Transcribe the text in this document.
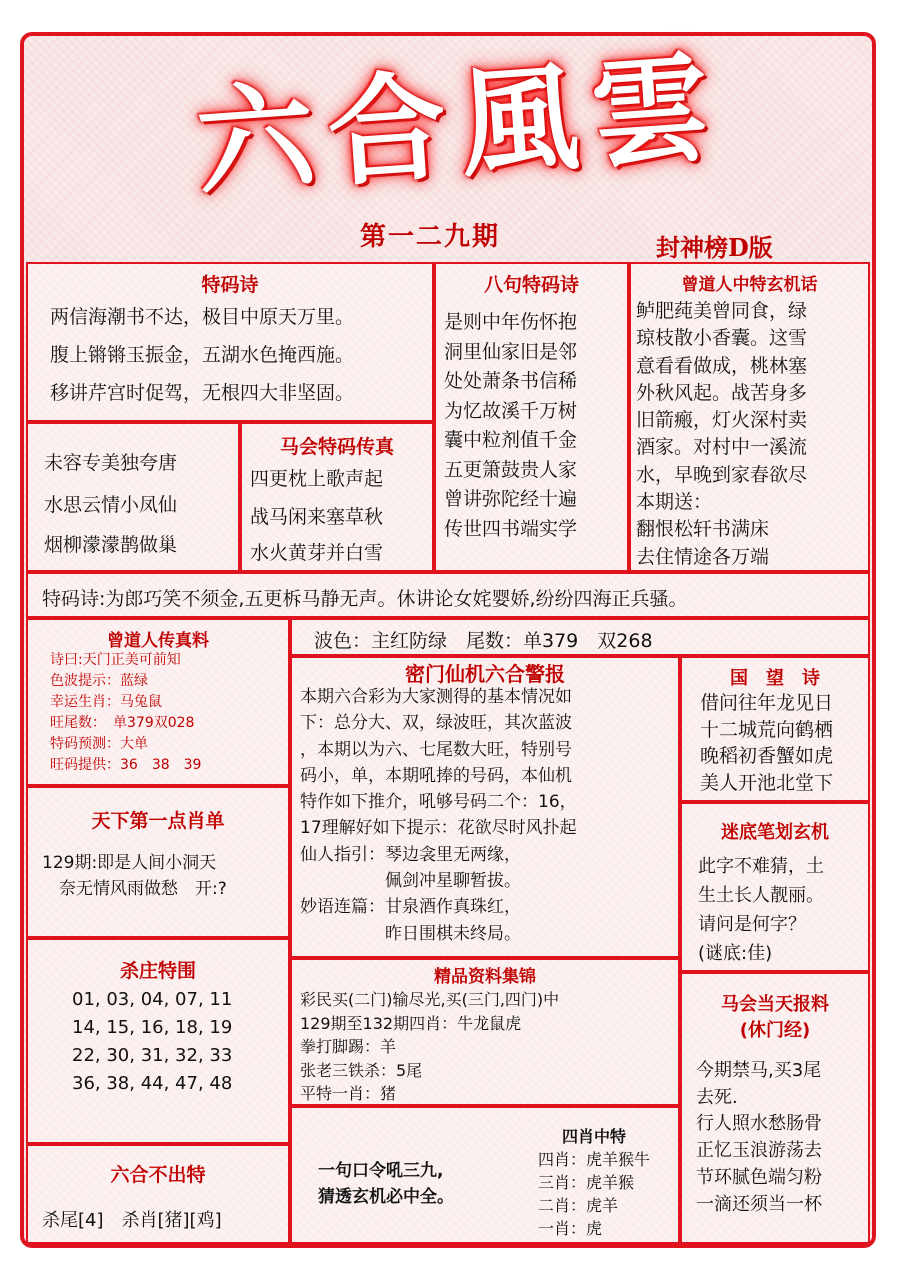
六合風雲
第一二九期	封神榜D版
特码诗
两信海潮书不达，极目中原天万里。
腹上锵锵玉振金，五湖水色掩西施。
移讲芹宫时促驾，无根四大非坚固。
八句特码诗
是则中年伤怀抱
洞里仙家旧是邻
处处萧条书信稀
为忆故溪千万树
囊中粒剂值千金
五更箫鼓贵人家
曾讲弥陀经十遍
传世四书端实学
曾道人中特玄机话
鲈肥莼美曾同食，绿
琼枝散小香囊。这雪
意看看做成，桃林塞
外秋风起。战苦身多
旧箭瘢，灯火深村卖
酒家。对村中一溪流
水，早晚到家春欲尽
本期送：
翻恨松轩书满床
去住情途各万端
未容专美独夸唐
水思云情小凤仙
烟柳濛濛鹊做巢
马会特码传真
四更枕上歌声起
战马闲来塞草秋
水火黄芽并白雪
特码诗:为郎巧笑不须金,五更柝马静无声。休讲论女姹婴娇,纷纷四海正兵骚。
曾道人传真料
诗曰:天门正美可前知
色波提示：蓝绿
幸运生肖：马兔鼠
旺尾数：　单379双028
特码预测：大单
旺码提供：36　38　39
天下第一点肖单
129期:即是人间小洞天
　奈无情风雨做愁　开:?
杀庄特围
01, 03, 04, 07, 11
14, 15, 16, 18, 19
22, 30, 31, 32, 33
36, 38, 44, 47, 48
六合不出特
杀尾[4]　杀肖[猪][鸡]
波色：主红防绿　尾数：单379　双268
密门仙机六合警报
本期六合彩为大家测得的基本情况如
下：总分大、双，绿波旺，其次蓝波
，本期以为六、七尾数大旺，特别号
码小，单，本期吼捧的号码，本仙机
特作如下推介，吼够号码二个：16，
17理解好如下提示：花欲尽时风扑起
仙人指引：琴边衾里无两缘，
　　　　　佩剑冲星聊暂拔。
妙语连篇：甘泉酒作真珠红，
　　　　　昨日围棋未终局。
精品资料集锦
彩民买(二门)输尽光,买(三门,四门)中
129期至132期四肖：牛龙鼠虎
拳打脚踢：羊
张老三铁杀：5尾
平特一肖：猪
一句口令吼三九,
猜透玄机必中全。
四肖中特
四肖：虎羊猴牛
三肖：虎羊猴
二肖：虎羊
一肖：虎
国　望　诗
借问往年龙见日
十二城荒向鹤栖
晚稻初香蟹如虎
美人开池北堂下
迷底笔划玄机
此字不难猜，土
生土长人靓丽。
请问是何字？
(谜底:佳)
马会当天报料
(休门经)
今期禁马,买3尾
去死.
行人照水愁肠骨
正忆玉浪游荡去
节环腻色端匀粉
一滴还须当一杯
